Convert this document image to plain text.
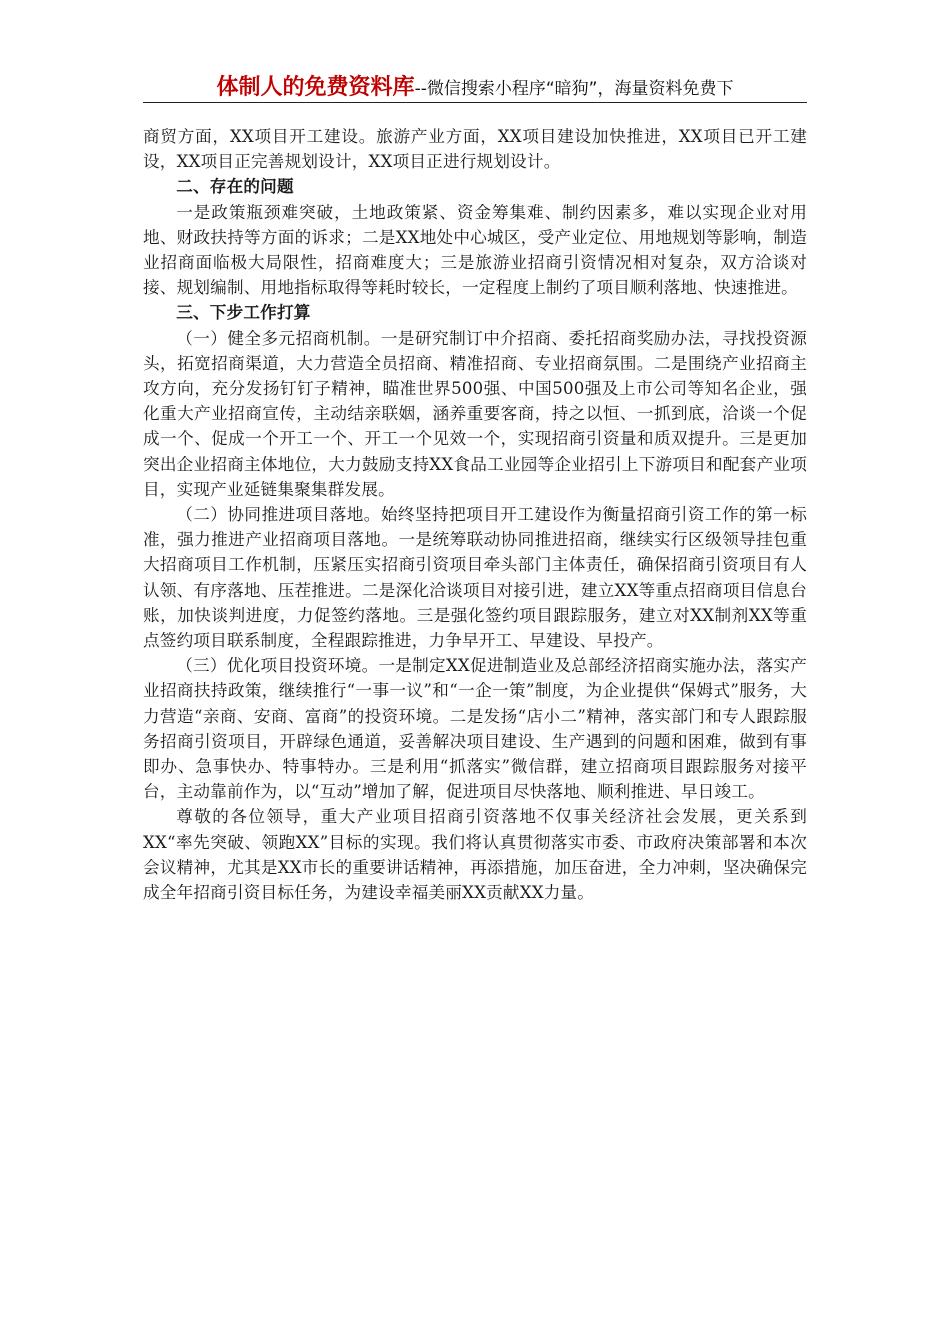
体制人的免费资料库--微信搜索小程序“暗狗”，海量资料免费下

商贸方面，XX项目开工建设。旅游产业方面，XX项目建设加快推进，XX项目已开工建设，XX项目正完善规划设计，XX项目正进行规划设计。

二、存在的问题

一是政策瓶颈难突破，土地政策紧、资金筹集难、制约因素多，难以实现企业对用地、财政扶持等方面的诉求；二是XX地处中心城区，受产业定位、用地规划等影响，制造业招商面临极大局限性，招商难度大；三是旅游业招商引资情况相对复杂，双方洽谈对接、规划编制、用地指标取得等耗时较长，一定程度上制约了项目顺利落地、快速推进。

三、下步工作打算

（一）健全多元招商机制。一是研究制订中介招商、委托招商奖励办法，寻找投资源头，拓宽招商渠道，大力营造全员招商、精准招商、专业招商氛围。二是围绕产业招商主攻方向，充分发扬钉钉子精神，瞄准世界500强、中国500强及上市公司等知名企业，强化重大产业招商宣传，主动结亲联姻，涵养重要客商，持之以恒、一抓到底，洽谈一个促成一个、促成一个开工一个、开工一个见效一个，实现招商引资量和质双提升。三是更加突出企业招商主体地位，大力鼓励支持XX食品工业园等企业招引上下游项目和配套产业项目，实现产业延链集聚集群发展。

（二）协同推进项目落地。始终坚持把项目开工建设作为衡量招商引资工作的第一标准，强力推进产业招商项目落地。一是统筹联动协同推进招商，继续实行区级领导挂包重大招商项目工作机制，压紧压实招商引资项目牵头部门主体责任，确保招商引资项目有人认领、有序落地、压茬推进。二是深化洽谈项目对接引进，建立XX等重点招商项目信息台账，加快谈判进度，力促签约落地。三是强化签约项目跟踪服务，建立对XX制剂XX等重点签约项目联系制度，全程跟踪推进，力争早开工、早建设、早投产。

（三）优化项目投资环境。一是制定XX促进制造业及总部经济招商实施办法，落实产业招商扶持政策，继续推行“一事一议”和“一企一策”制度，为企业提供“保姆式”服务，大力营造“亲商、安商、富商”的投资环境。二是发扬“店小二”精神，落实部门和专人跟踪服务招商引资项目，开辟绿色通道，妥善解决项目建设、生产遇到的问题和困难，做到有事即办、急事快办、特事特办。三是利用“抓落实”微信群，建立招商项目跟踪服务对接平台，主动靠前作为，以“互动”增加了解，促进项目尽快落地、顺利推进、早日竣工。

尊敬的各位领导，重大产业项目招商引资落地不仅事关经济社会发展，更关系到XX“率先突破、领跑XX”目标的实现。我们将认真贯彻落实市委、市政府决策部署和本次会议精神，尤其是XX市长的重要讲话精神，再添措施，加压奋进，全力冲刺，坚决确保完成全年招商引资目标任务，为建设幸福美丽XX贡献XX力量。
